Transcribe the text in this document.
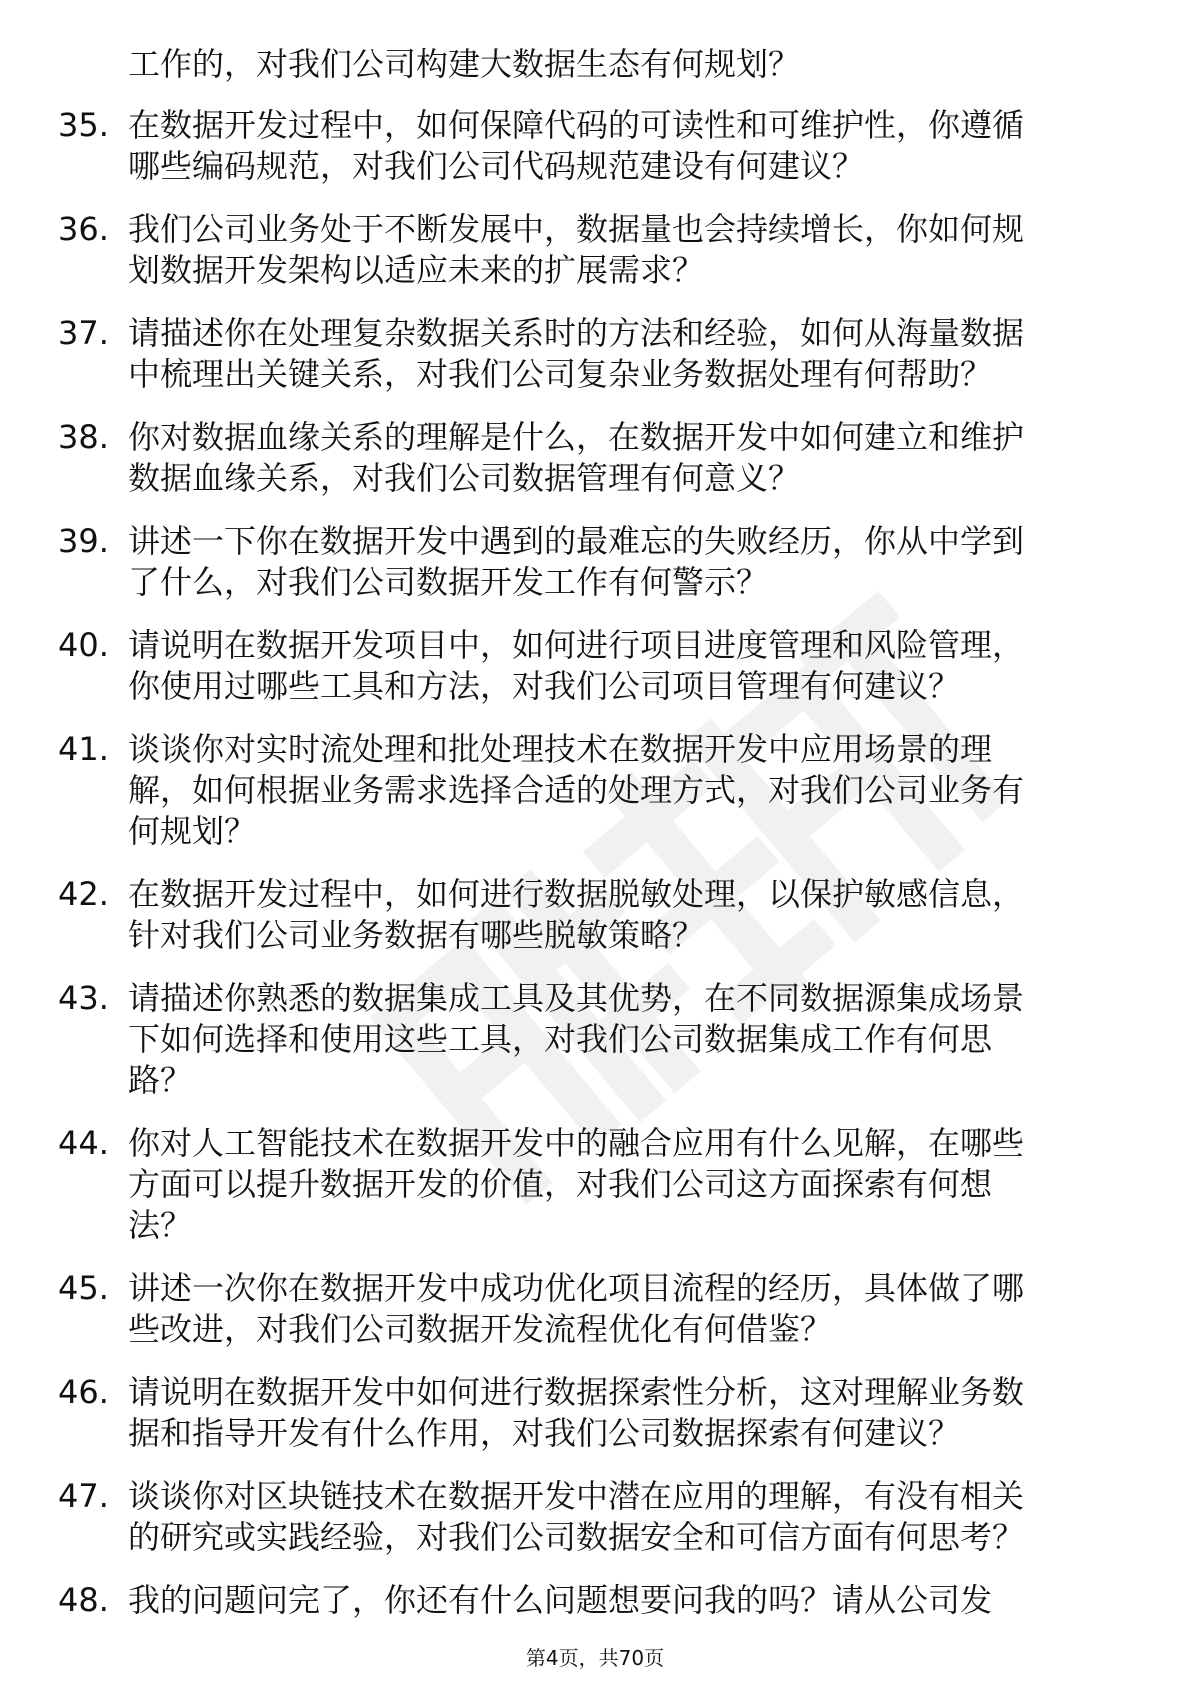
工作的，对我们公司构建大数据生态有何规划？
35. 在数据开发过程中，如何保障代码的可读性和可维护性，你遵循
哪些编码规范，对我们公司代码规范建设有何建议？
36. 我们公司业务处于不断发展中，数据量也会持续增长，你如何规
划数据开发架构以适应未来的扩展需求？
37. 请描述你在处理复杂数据关系时的方法和经验，如何从海量数据
中梳理出关键关系，对我们公司复杂业务数据处理有何帮助？
38. 你对数据血缘关系的理解是什么，在数据开发中如何建立和维护
数据血缘关系，对我们公司数据管理有何意义？
39. 讲述一下你在数据开发中遇到的最难忘的失败经历，你从中学到
了什么，对我们公司数据开发工作有何警示？
40. 请说明在数据开发项目中，如何进行项目进度管理和风险管理，
你使用过哪些工具和方法，对我们公司项目管理有何建议？
41. 谈谈你对实时流处理和批处理技术在数据开发中应用场景的理
解，如何根据业务需求选择合适的处理方式，对我们公司业务有
何规划？
42. 在数据开发过程中，如何进行数据脱敏处理，以保护敏感信息，
针对我们公司业务数据有哪些脱敏策略？
43. 请描述你熟悉的数据集成工具及其优势，在不同数据源集成场景
下如何选择和使用这些工具，对我们公司数据集成工作有何思
路？
44. 你对人工智能技术在数据开发中的融合应用有什么见解，在哪些
方面可以提升数据开发的价值，对我们公司这方面探索有何想
法？
45. 讲述一次你在数据开发中成功优化项目流程的经历，具体做了哪
些改进，对我们公司数据开发流程优化有何借鉴？
46. 请说明在数据开发中如何进行数据探索性分析，这对理解业务数
据和指导开发有什么作用，对我们公司数据探索有何建议？
47. 谈谈你对区块链技术在数据开发中潜在应用的理解，有没有相关
的研究或实践经验，对我们公司数据安全和可信方面有何思考？
48. 我的问题问完了，你还有什么问题想要问我的吗？请从公司发
第4页，共70页
